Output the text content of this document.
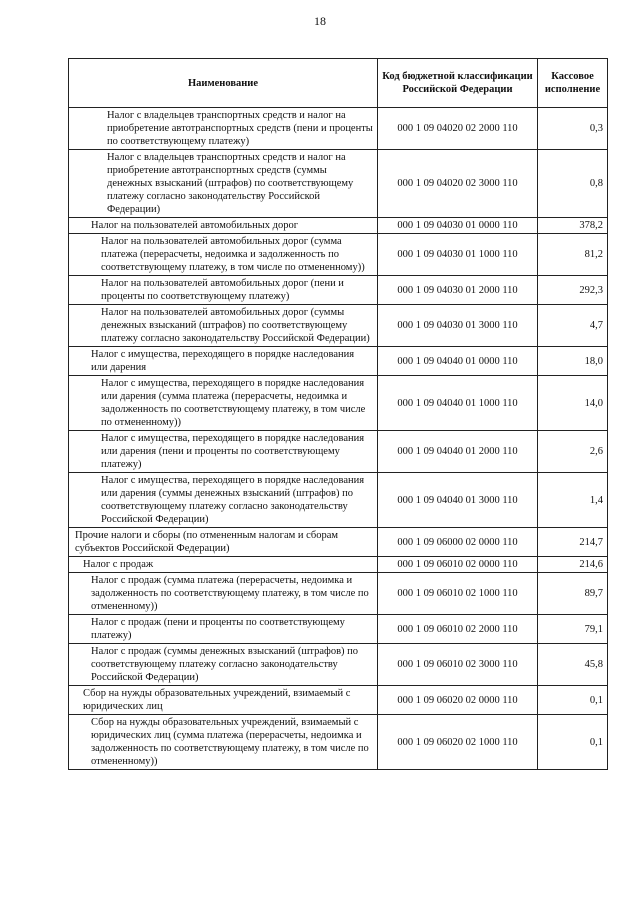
18
Наименование	Код бюджетной классификации Российской Федерации	Кассовое исполнение
Налог с владельцев транспортных средств и налог на приобретение автотранспортных средств (пени и проценты по соответствующему платежу)	000 1 09 04020 02 2000 110	0,3
Налог с владельцев транспортных средств и налог на приобретение автотранспортных средств (суммы денежных взысканий (штрафов) по соответствующему платежу согласно законодательству Российской Федерации)	000 1 09 04020 02 3000 110	0,8
Налог на пользователей автомобильных дорог	000 1 09 04030 01 0000 110	378,2
Налог на пользователей автомобильных дорог (сумма платежа (перерасчеты, недоимка и задолженность по соответствующему платежу, в том числе по отмененному))	000 1 09 04030 01 1000 110	81,2
Налог на пользователей автомобильных дорог (пени и проценты по соответствующему платежу)	000 1 09 04030 01 2000 110	292,3
Налог на пользователей автомобильных дорог (суммы денежных взысканий (штрафов) по соответствующему платежу согласно законодательству Российской Федерации)	000 1 09 04030 01 3000 110	4,7
Налог с имущества, переходящего в порядке наследования или дарения	000 1 09 04040 01 0000 110	18,0
Налог с имущества, переходящего в порядке наследования или дарения (сумма платежа (перерасчеты, недоимка и задолженность по соответствующему платежу, в том числе по отмененному))	000 1 09 04040 01 1000 110	14,0
Налог с имущества, переходящего в порядке наследования или дарения (пени и проценты по соответствующему платежу)	000 1 09 04040 01 2000 110	2,6
Налог с имущества, переходящего в порядке наследования или дарения (суммы денежных взысканий (штрафов) по соответствующему платежу согласно законодательству Российской Федерации)	000 1 09 04040 01 3000 110	1,4
Прочие налоги и сборы (по отмененным налогам и сборам субъектов Российской Федерации)	000 1 09 06000 02 0000 110	214,7
Налог с продаж	000 1 09 06010 02 0000 110	214,6
Налог с продаж (сумма платежа (перерасчеты, недоимка и задолженность по соответствующему платежу, в том числе по отмененному))	000 1 09 06010 02 1000 110	89,7
Налог с продаж (пени и проценты по соответствующему платежу)	000 1 09 06010 02 2000 110	79,1
Налог с продаж (суммы денежных взысканий (штрафов) по соответствующему платежу согласно законодательству Российской Федерации)	000 1 09 06010 02 3000 110	45,8
Сбор на нужды образовательных учреждений, взимаемый с юридических лиц	000 1 09 06020 02 0000 110	0,1
Сбор на нужды образовательных учреждений, взимаемый с юридических лиц (сумма платежа (перерасчеты, недоимка и задолженность по соответствующему платежу, в том числе по отмененному))	000 1 09 06020 02 1000 110	0,1
